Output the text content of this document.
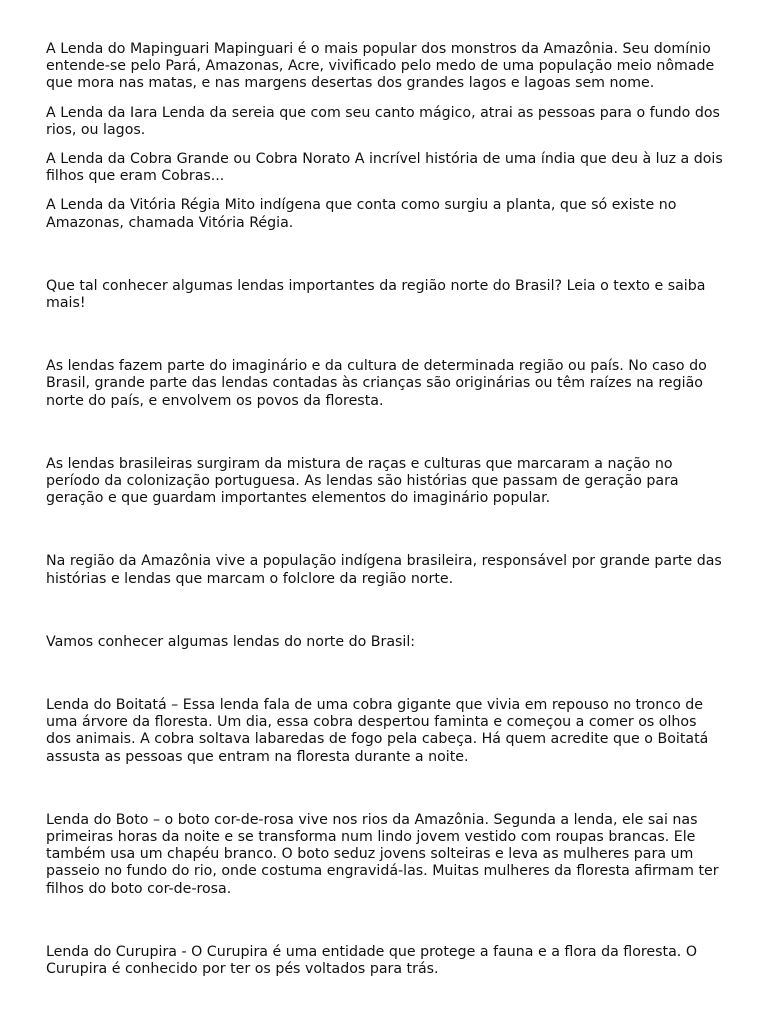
A Lenda do Mapinguari Mapinguari é o mais popular dos monstros da Amazônia. Seu domínio entende-se pelo Pará, Amazonas, Acre, vivificado pelo medo de uma população meio nômade que mora nas matas, e nas margens desertas dos grandes lagos e lagoas sem nome.

A Lenda da Iara Lenda da sereia que com seu canto mágico, atrai as pessoas para o fundo dos rios, ou lagos.

A Lenda da Cobra Grande ou Cobra Norato A incrível história de uma índia que deu à luz a dois filhos que eram Cobras...

A Lenda da Vitória Régia Mito indígena que conta como surgiu a planta, que só existe no Amazonas, chamada Vitória Régia.

Que tal conhecer algumas lendas importantes da região norte do Brasil? Leia o texto e saiba mais!

As lendas fazem parte do imaginário e da cultura de determinada região ou país. No caso do Brasil, grande parte das lendas contadas às crianças são originárias ou têm raízes na região norte do país, e envolvem os povos da floresta.

As lendas brasileiras surgiram da mistura de raças e culturas que marcaram a nação no período da colonização portuguesa. As lendas são histórias que passam de geração para geração e que guardam importantes elementos do imaginário popular.

Na região da Amazônia vive a população indígena brasileira, responsável por grande parte das histórias e lendas que marcam o folclore da região norte.

Vamos conhecer algumas lendas do norte do Brasil:

Lenda do Boitatá – Essa lenda fala de uma cobra gigante que vivia em repouso no tronco de uma árvore da floresta. Um dia, essa cobra despertou faminta e começou a comer os olhos dos animais. A cobra soltava labaredas de fogo pela cabeça. Há quem acredite que o Boitatá assusta as pessoas que entram na floresta durante a noite.

Lenda do Boto – o boto cor-de-rosa vive nos rios da Amazônia. Segunda a lenda, ele sai nas primeiras horas da noite e se transforma num lindo jovem vestido com roupas brancas. Ele também usa um chapéu branco. O boto seduz jovens solteiras e leva as mulheres para um passeio no fundo do rio, onde costuma engravidá-las. Muitas mulheres da floresta afirmam ter filhos do boto cor-de-rosa.

Lenda do Curupira - O Curupira é uma entidade que protege a fauna e a flora da floresta. O Curupira é conhecido por ter os pés voltados para trás.
